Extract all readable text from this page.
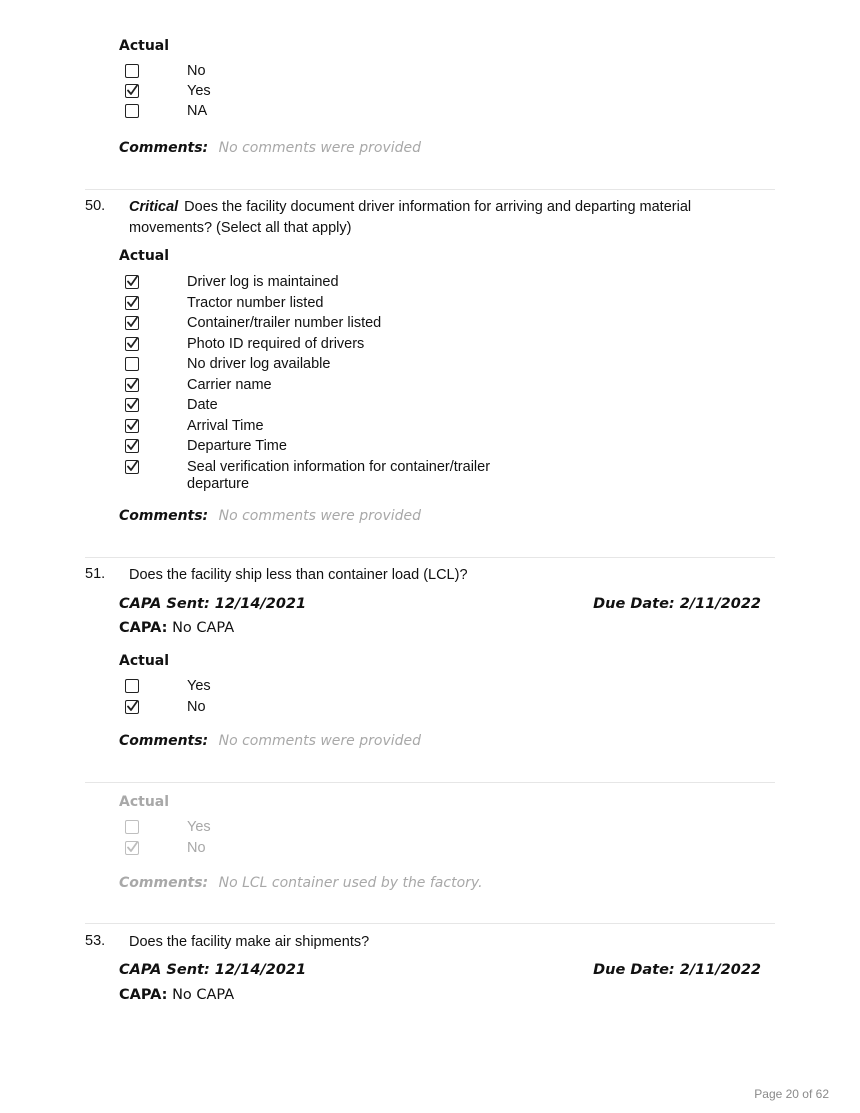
Actual
No
Yes
NA
Comments: No comments were provided
50. Critical Does the facility document driver information for arriving and departing material movements? (Select all that apply)
Actual
Driver log is maintained
Tractor number listed
Container/trailer number listed
Photo ID required of drivers
No driver log available
Carrier name
Date
Arrival Time
Departure Time
Seal verification information for container/trailer departure
Comments: No comments were provided
51. Does the facility ship less than container load (LCL)?
CAPA Sent: 12/14/2021	Due Date: 2/11/2022
CAPA: No CAPA
Actual
Yes
No
Comments: No comments were provided
Actual
Yes
No
Comments: No LCL container used by the factory.
53. Does the facility make air shipments?
CAPA Sent: 12/14/2021	Due Date: 2/11/2022
CAPA: No CAPA
Page 20 of 62
